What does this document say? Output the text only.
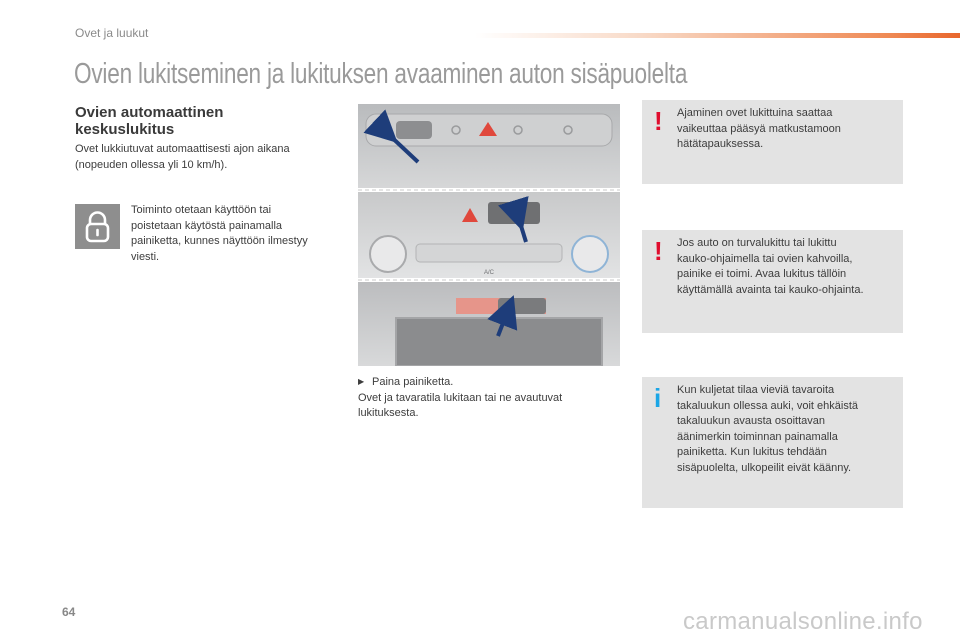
Ovet ja luukut
Ovien lukitseminen ja lukituksen avaaminen auton sisäpuolelta
Ovien automaattinen
keskuslukitus
Ovet lukkiutuvat automaattisesti ajon aikana
(nopeuden ollessa yli 10 km/h).
Toiminto otetaan käyttöön tai
poistetaan käytöstä painamalla
painiketta, kunnes näyttöön ilmestyy
viesti.
A/C
▶ Paina painiketta.
Ovet ja tavaratila lukitaan tai ne avautuvat
lukituksesta.
! Ajaminen ovet lukittuina saattaa
vaikeuttaa pääsyä matkustamoon
hätätapauksessa.
! Jos auto on turvalukittu tai lukittu
kauko-ohjaimella tai ovien kahvoilla,
painike ei toimi. Avaa lukitus tällöin
käyttämällä avainta tai kauko-ohjainta.
i Kun kuljetat tilaa vieviä tavaroita
takaluukun ollessa auki, voit ehkäistä
takaluukun avausta osoittavan
äänimerkin toiminnan painamalla
painiketta. Kun lukitus tehdään
sisäpuolelta, ulkopeilit eivät käänny.
64	carmanualsonline.info
